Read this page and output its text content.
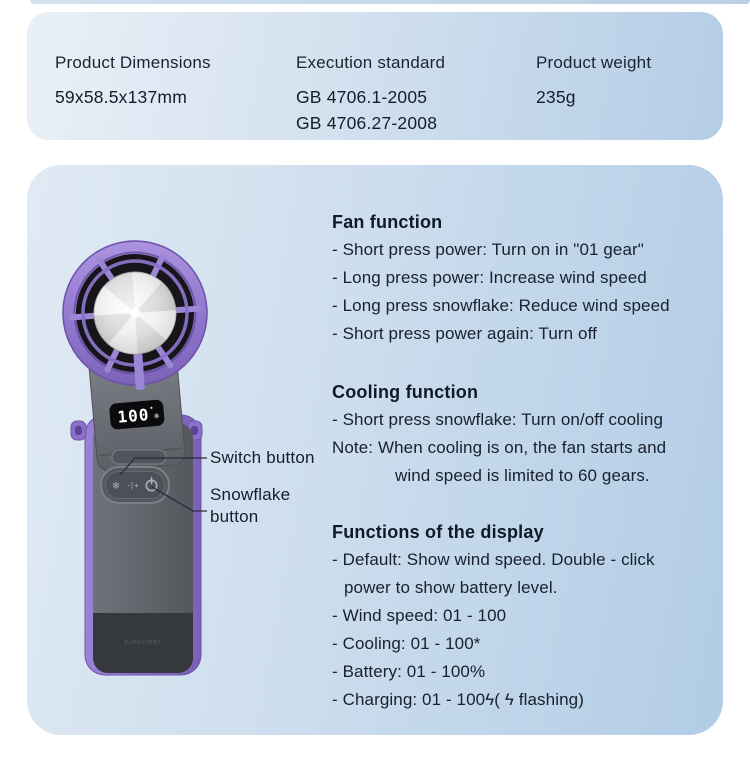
Product Dimensions
59x58.5x137mm
Execution standard
GB 4706.1-2005
GB 4706.27-2008
Product weight
235g
Kinscoter
100 ❄
❄ -|+
Switch button
Snowflake button
Fan function

- Short press power: Turn on in "01 gear"

- Long press power: Increase wind speed

- Long press snowflake: Reduce wind speed

- Short press power again: Turn off

Cooling function

- Short press snowflake: Turn on/off cooling

Note: When cooling is on, the fan starts and

wind speed is limited to 60 gears.

Functions of the display

- Default: Show wind speed. Double - click

power to show battery level.

- Wind speed: 01 - 100

- Cooling: 01 - 100*

- Battery: 01 - 100%

- Charging: 01 - 100ϟ( ϟ flashing)
